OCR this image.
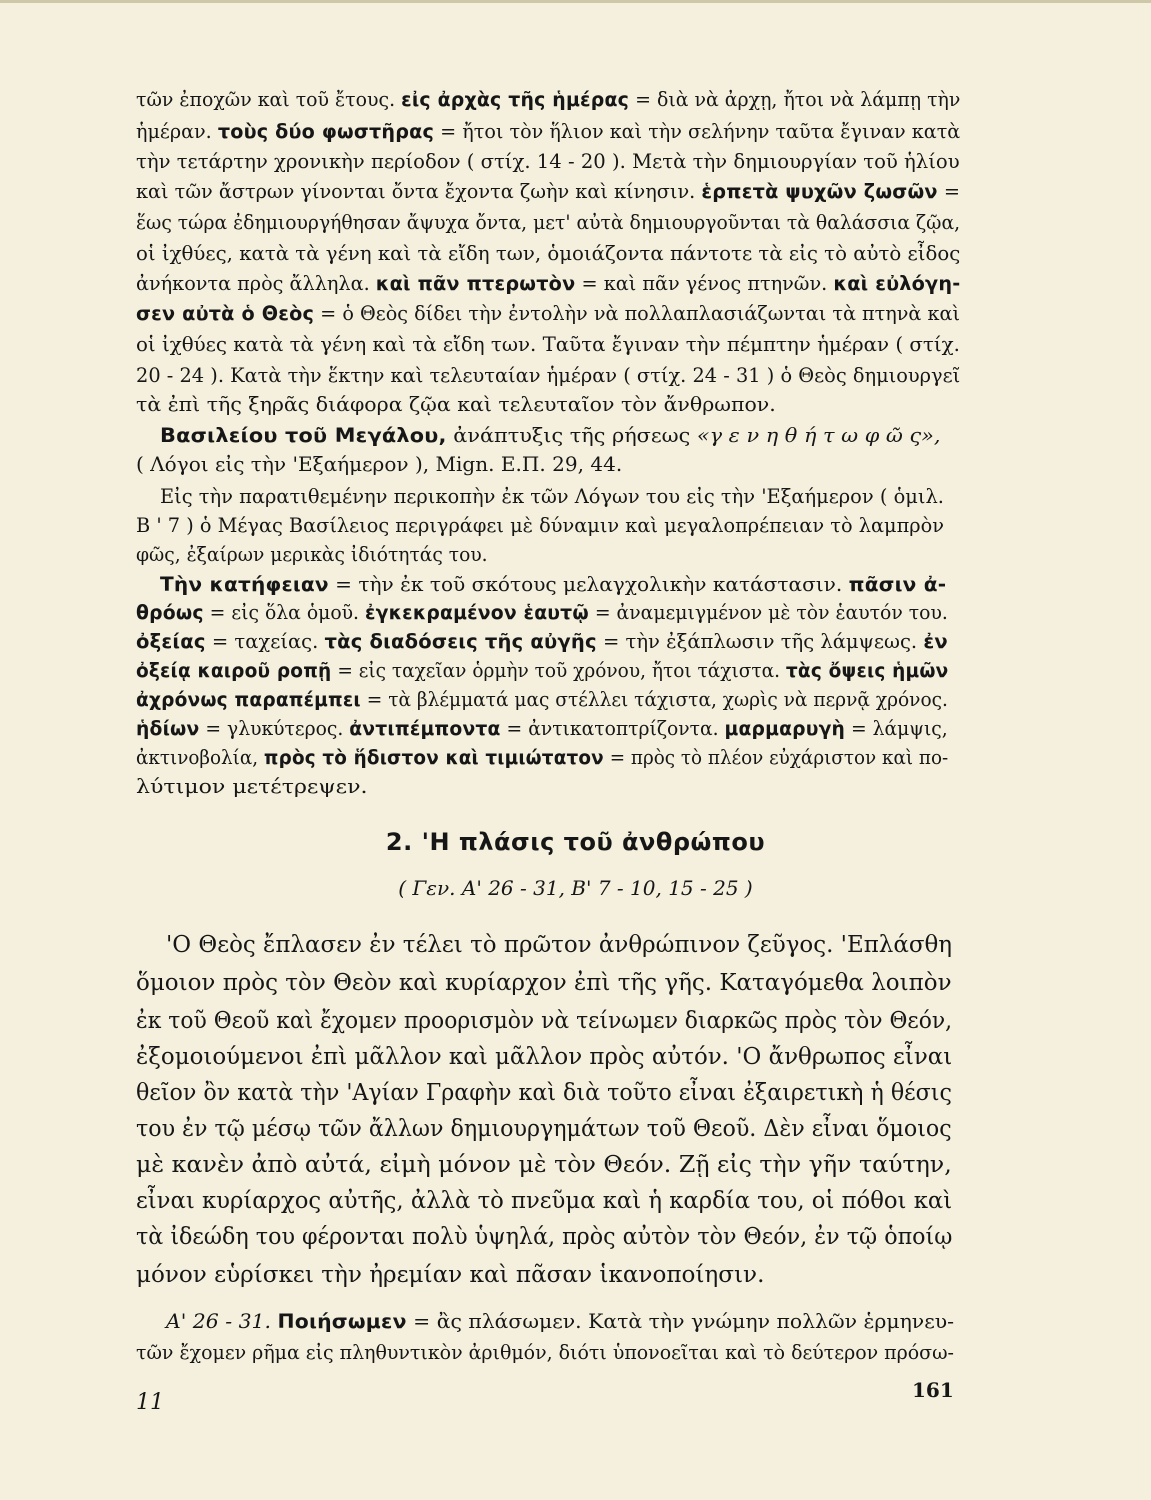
τῶν ἐποχῶν καὶ τοῦ ἔτους. εἰς ἀρχὰς τῆς ἡμέρας = διὰ νὰ ἀρχῃ, ἤτοι νὰ λάμπῃ τὴν
ἡμέραν. τοὺς δύο φωστῆρας = ἤτοι τὸν ἥλιον καὶ τὴν σελήνην ταῦτα ἔγιναν κατὰ
τὴν τετάρτην χρονικὴν περίοδον ( στίχ. 14 - 20 ). Μετὰ τὴν δημιουργίαν τοῦ ἡλίου
καὶ τῶν ἄστρων γίνονται ὄντα ἔχοντα ζωὴν καὶ κίνησιν. ἑρπετὰ ψυχῶν ζωσῶν =
ἕως τώρα ἐδημιουργήθησαν ἄψυχα ὄντα, μετ' αὐτὰ δημιουργοῦνται τὰ θαλάσσια ζῷα,
οἱ ἰχθύες, κατὰ τὰ γένη καὶ τὰ εἴδη των, ὁμοιάζοντα πάντοτε τὰ εἰς τὸ αὐτὸ εἶδος
ἀνήκοντα πρὸς ἄλληλα. καὶ πᾶν πτερωτὸν = καὶ πᾶν γένος πτηνῶν. καὶ εὐλόγη-
σεν αὐτὰ ὁ Θεὸς = ὁ Θεὸς δίδει τὴν ἐντολὴν νὰ πολλαπλασιάζωνται τὰ πτηνὰ καὶ
οἱ ἰχθύες κατὰ τὰ γένη καὶ τὰ εἴδη των. Ταῦτα ἔγιναν τὴν πέμπτην ἡμέραν ( στίχ.
20 - 24 ). Κατὰ τὴν ἕκτην καὶ τελευταίαν ἡμέραν ( στίχ. 24 - 31 ) ὁ Θεὸς δημιουργεῖ
τὰ ἐπὶ τῆς ξηρᾶς διάφορα ζῷα καὶ τελευταῖον τὸν ἄνθρωπον.
Βασιλείου τοῦ Μεγάλου, ἀνάπτυξις τῆς ρήσεως «γ ε ν η θ ή τ ω φ ῶ ς»,
( Λόγοι εἰς τὴν 'Εξαήμερον ), Mign. Ε.Π. 29, 44.
Εἰς τὴν παρατιθεμένην περικοπὴν ἐκ τῶν Λόγων του εἰς τὴν 'Εξαήμερον ( ὁμιλ.
Β ' 7 ) ὁ Μέγας Βασίλειος περιγράφει μὲ δύναμιν καὶ μεγαλοπρέπειαν τὸ λαμπρὸν
φῶς, ἐξαίρων μερικὰς ἰδιότητάς του.
Τὴν κατήφειαν = τὴν ἐκ τοῦ σκότους μελαγχολικὴν κατάστασιν. πᾶσιν ἀ-
θρόως = εἰς ὅλα ὁμοῦ. ἐγκεκραμένον ἑαυτῷ = ἀναμεμιγμένον μὲ τὸν ἑαυτόν του.
ὀξείας = ταχείας. τὰς διαδόσεις τῆς αὐγῆς = τὴν ἐξάπλωσιν τῆς λάμψεως. ἐν
ὀξείᾳ καιροῦ ροπῇ = εἰς ταχεῖαν ὁρμὴν τοῦ χρόνου, ἤτοι τάχιστα. τὰς ὄψεις ἡμῶν
ἀχρόνως παραπέμπει = τὰ βλέμματά μας στέλλει τάχιστα, χωρὶς νὰ περνᾷ χρόνος.
ἡδίων = γλυκύτερος. ἀντιπέμποντα = ἀντικατοπτρίζοντα. μαρμαρυγὴ = λάμψις,
ἀκτινοβολία, πρὸς τὸ ἥδιστον καὶ τιμιώτατον = πρὸς τὸ πλέον εὐχάριστον καὶ πο-
λύτιμον μετέτρεψεν.
2. 'Η πλάσις τοῦ ἀνθρώπου
( Γεν. Α' 26 - 31, Β' 7 - 10, 15 - 25 )
'Ο Θεὸς ἔπλασεν ἐν τέλει τὸ πρῶτον ἀνθρώπινον ζεῦγος. 'Επλάσθη
ὅμοιον πρὸς τὸν Θεὸν καὶ κυρίαρχον ἐπὶ τῆς γῆς. Καταγόμεθα λοιπὸν
ἐκ τοῦ Θεοῦ καὶ ἔχομεν προορισμὸν νὰ τείνωμεν διαρκῶς πρὸς τὸν Θεόν,
ἐξομοιούμενοι ἐπὶ μᾶλλον καὶ μᾶλλον πρὸς αὐτόν. 'Ο ἄνθρωπος εἶναι
θεῖον ὂν κατὰ τὴν 'Αγίαν Γραφὴν καὶ διὰ τοῦτο εἶναι ἐξαιρετικὴ ἡ θέσις
του ἐν τῷ μέσῳ τῶν ἄλλων δημιουργημάτων τοῦ Θεοῦ. Δὲν εἶναι ὅμοιος
μὲ κανὲν ἀπὸ αὐτά, εἰμὴ μόνον μὲ τὸν Θεόν. Ζῇ εἰς τὴν γῆν ταύτην,
εἶναι κυρίαρχος αὐτῆς, ἀλλὰ τὸ πνεῦμα καὶ ἡ καρδία του, οἱ πόθοι καὶ
τὰ ἰδεώδη του φέρονται πολὺ ὑψηλά, πρὸς αὐτὸν τὸν Θεόν, ἐν τῷ ὁποίῳ
μόνον εὑρίσκει τὴν ἠρεμίαν καὶ πᾶσαν ἱκανοποίησιν.
Α' 26 - 31. Ποιήσωμεν = ἂς πλάσωμεν. Κατὰ τὴν γνώμην πολλῶν ἑρμηνευ-
τῶν ἔχομεν ρῆμα εἰς πληθυντικὸν ἀριθμόν, διότι ὑπονοεῖται καὶ τὸ δεύτερον πρόσω-
11	161
